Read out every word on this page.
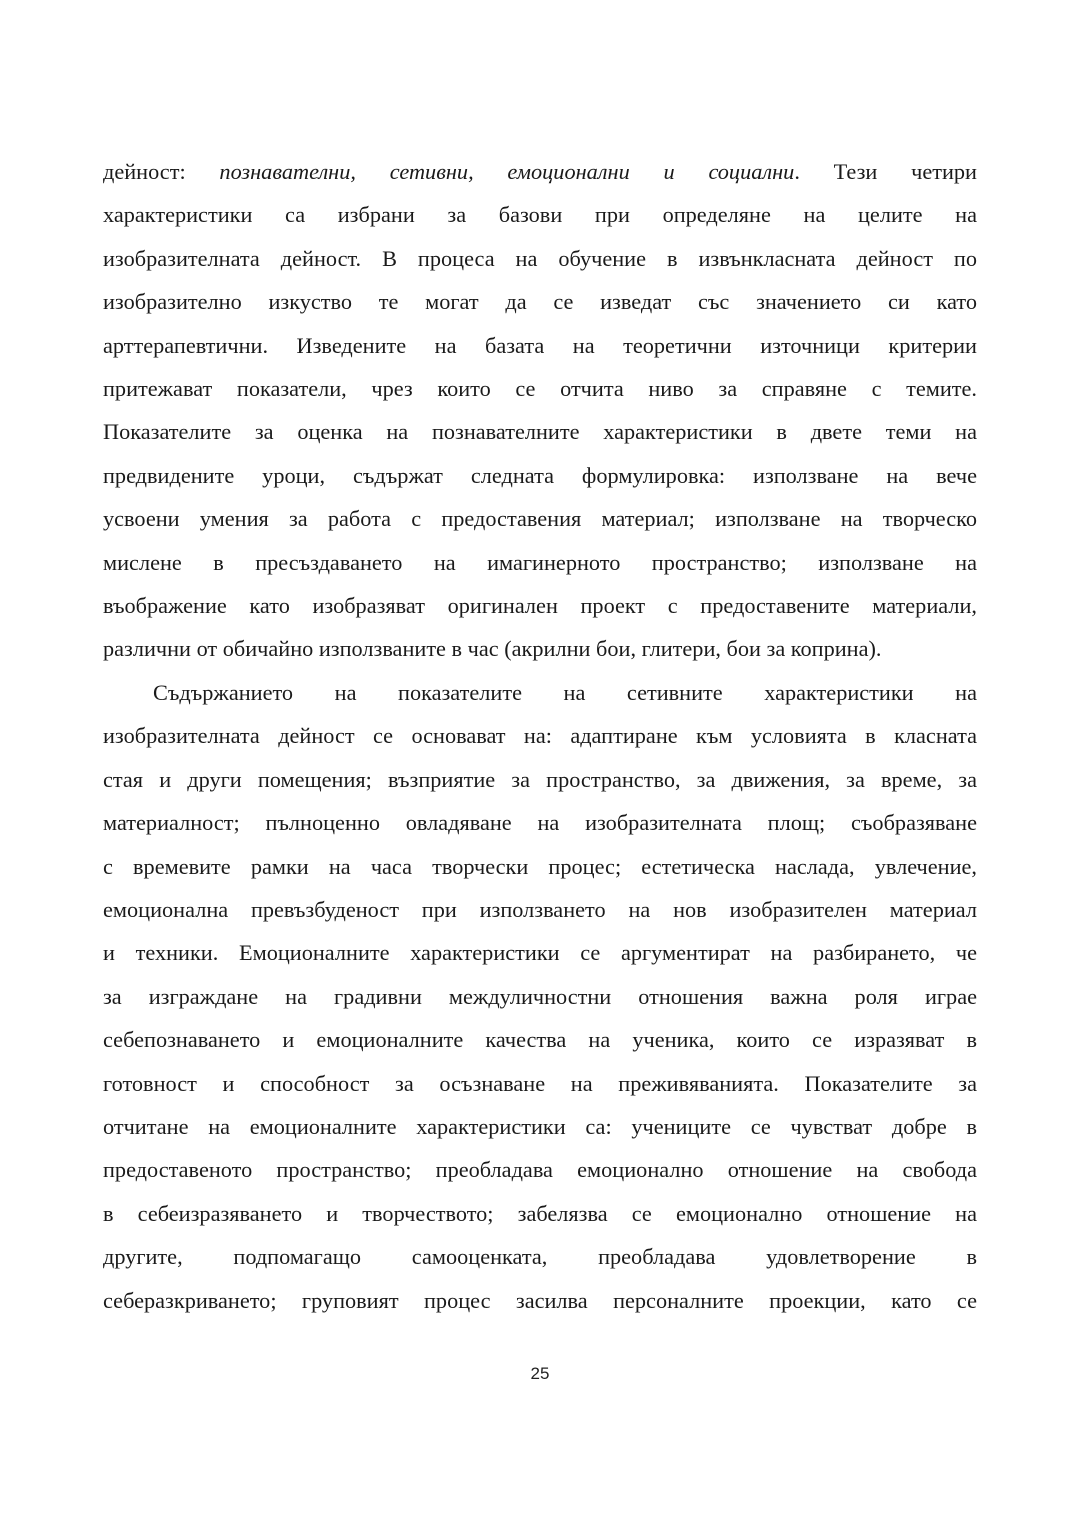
дейност: познавателни, сетивни, емоционални и социални. Тези четири
характеристики са избрани за базови при определяне на целите на
изобразителната дейност. В процеса на обучение в извънкласната дейност по
изобразително изкуство те могат да се изведат със значението си като
арттерапевтични. Изведените на базата на теоретични източници критерии
притежават показатели, чрез които се отчита ниво за справяне с темите.
Показателите за оценка на познавателните характеристики в двете теми на
предвидените уроци, съдържат следната формулировка: използване на вече
усвоени умения за работа с предоставения материал; използване на творческо
мислене в пресъздаването на имагинерното пространство; използване на
въображение като изобразяват оригинален проект с предоставените материали,
различни от обичайно използваните в час (акрилни бои, глитери, бои за коприна).

Съдържанието на показателите на сетивните характеристики на
изобразителната дейност се основават на: адаптиране към условията в класната
стая и други помещения; възприятие за пространство, за движения, за време, за
материалност; пълноценно овладяване на изобразителната площ; съобразяване
с времевите рамки на часа творчески процес; естетическа наслада, увлечение,
емоционална превъзбуденост при използването на нов изобразителен материал
и техники. Емоционалните характеристики се аргументират на разбирането, че
за изграждане на градивни междуличностни отношения важна роля играе
себепознаването и емоционалните качества на ученика, които се изразяват в
готовност и способност за осъзнаване на преживяванията. Показателите за
отчитане на емоционалните характеристики са: учениците се чувстват добре в
предоставеното пространство; преобладава емоционално отношение на свобода
в себеизразяването и творчеството; забелязва се емоционално отношение на
другите, подпомагащо самооценката, преобладава удовлетворение в
себеразкриването; груповият процес засилва персоналните проекции, като се

25
